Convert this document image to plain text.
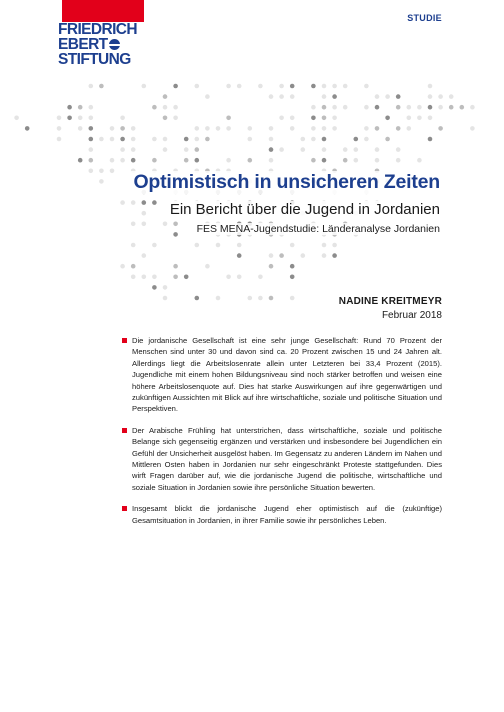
FRIEDRICH
EBERT
STIFTUNG
STUDIE
Optimistisch in unsicheren Zeiten
Ein Bericht über die Jugend in Jordanien
FES MENA-Jugendstudie: Länderanalyse Jordanien
NADINE KREITMEYR
Februar 2018
Die jordanische Gesellschaft ist eine sehr junge Gesellschaft: Rund 70 Prozent der Menschen sind unter 30 und davon sind ca. 20 Prozent zwischen 15 und 24 Jahren alt. Allerdings liegt die Arbeitslosenrate allein unter Letzteren bei 33,4 Prozent (2015). Jugendliche mit einem hohen Bildungsniveau sind noch stärker betroffen und weisen eine höhere Arbeitslosenquote auf. Dies hat starke Auswirkungen auf ihre gegenwärtigen und zukünftigen Aussichten mit Blick auf ihre wirtschaftliche, soziale und politische Situation und Perspektiven.
Der Arabische Frühling hat unterstrichen, dass wirtschaftliche, soziale und politische Belange sich gegenseitig ergänzen und verstärken und insbesondere bei Jugendlichen ein Gefühl der Unsicherheit ausgelöst haben. Im Gegensatz zu anderen Ländern im Nahen und Mittleren Osten haben in Jordanien nur sehr eingeschränkt Proteste stattgefunden. Dies wirft Fragen darüber auf, wie die jordanische Jugend die politische, wirtschaftliche und soziale Situation in Jordanien sowie ihre persönliche Situation bewerten.
Insgesamt blickt die jordanische Jugend eher optimistisch auf die (zukünftige) Gesamtsituation in Jordanien, in ihrer Familie sowie ihr persönliches Leben.
